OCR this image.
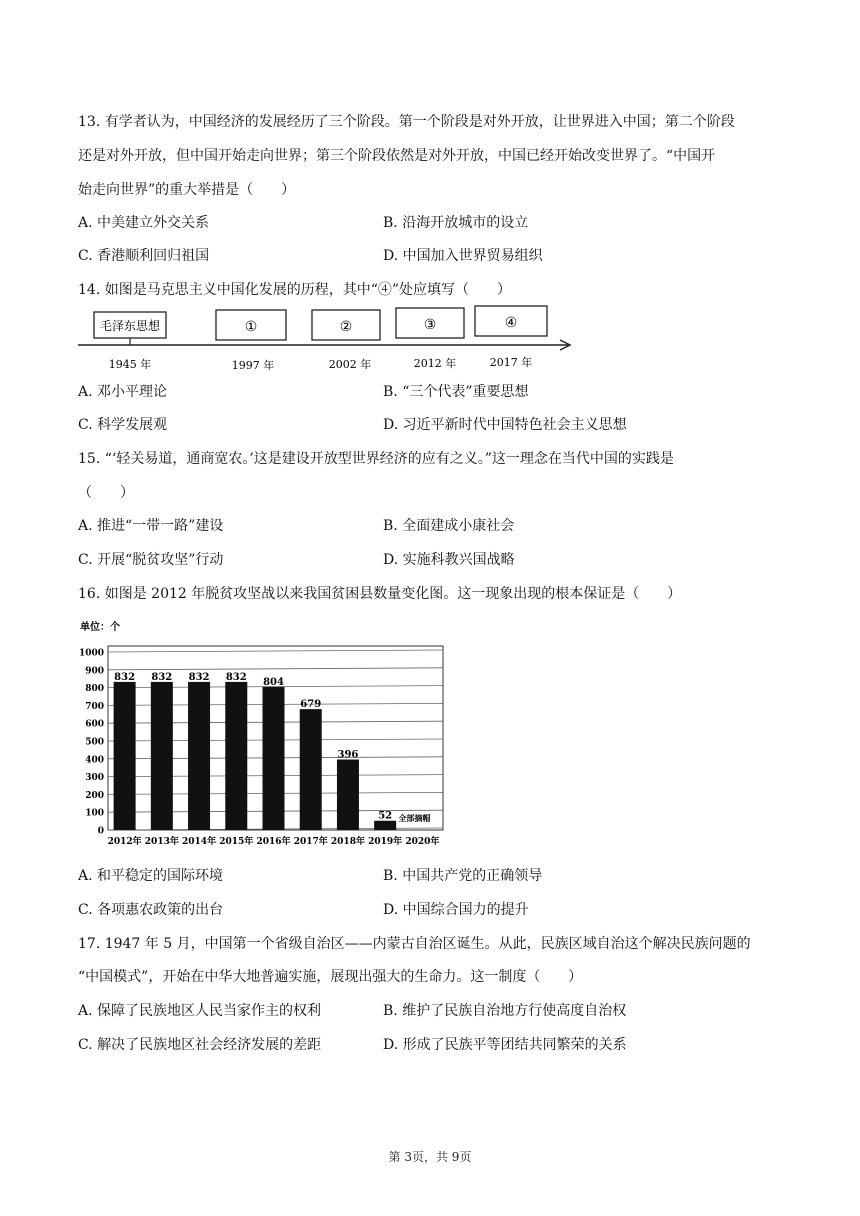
13. 有学者认为，中国经济的发展经历了三个阶段。第一个阶段是对外开放，让世界进入中国；第二个阶段
还是对外开放，但中国开始走向世界；第三个阶段依然是对外开放，中国已经开始改变世界了。“中国开
始走向世界”的重大举措是（　　）
A. 中美建立外交关系	B. 沿海开放城市的设立
C. 香港顺利回归祖国	D. 中国加入世界贸易组织
14. 如图是马克思主义中国化发展的历程，其中“④”处应填写（　　）
毛泽东思想	①	②	③	④
1945 年	1997 年	2002 年	2012 年	2017 年
A. 邓小平理论	B. “三个代表”重要思想
C. 科学发展观	D. 习近平新时代中国特色社会主义思想
15. “‘轻关易道，通商宽农。’这是建设开放型世界经济的应有之义。”这一理念在当代中国的实践是
（　　）
A. 推进“一带一路”建设	B. 全面建成小康社会
C. 开展“脱贫攻坚”行动	D. 实施科教兴国战略
16. 如图是 2012 年脱贫攻坚战以来我国贫困县数量变化图。这一现象出现的根本保证是（　　）
单位：个
0
100
200
300
400
500
600
700
800
900
1000
832
2012年
832
2013年
832
2014年
832
2015年
804
2016年
679
2017年
396
2018年
52
2019年
全部摘帽
2020年
A. 和平稳定的国际环境	B. 中国共产党的正确领导
C. 各项惠农政策的出台	D. 中国综合国力的提升
17. 1947 年 5 月，中国第一个省级自治区——内蒙古自治区诞生。从此，民族区域自治这个解决民族问题的
“中国模式”，开始在中华大地普遍实施，展现出强大的生命力。这一制度（　　）
A. 保障了民族地区人民当家作主的权利	B. 维护了民族自治地方行使高度自治权
C. 解决了民族地区社会经济发展的差距	D. 形成了民族平等团结共同繁荣的关系
第 3页，共 9页
